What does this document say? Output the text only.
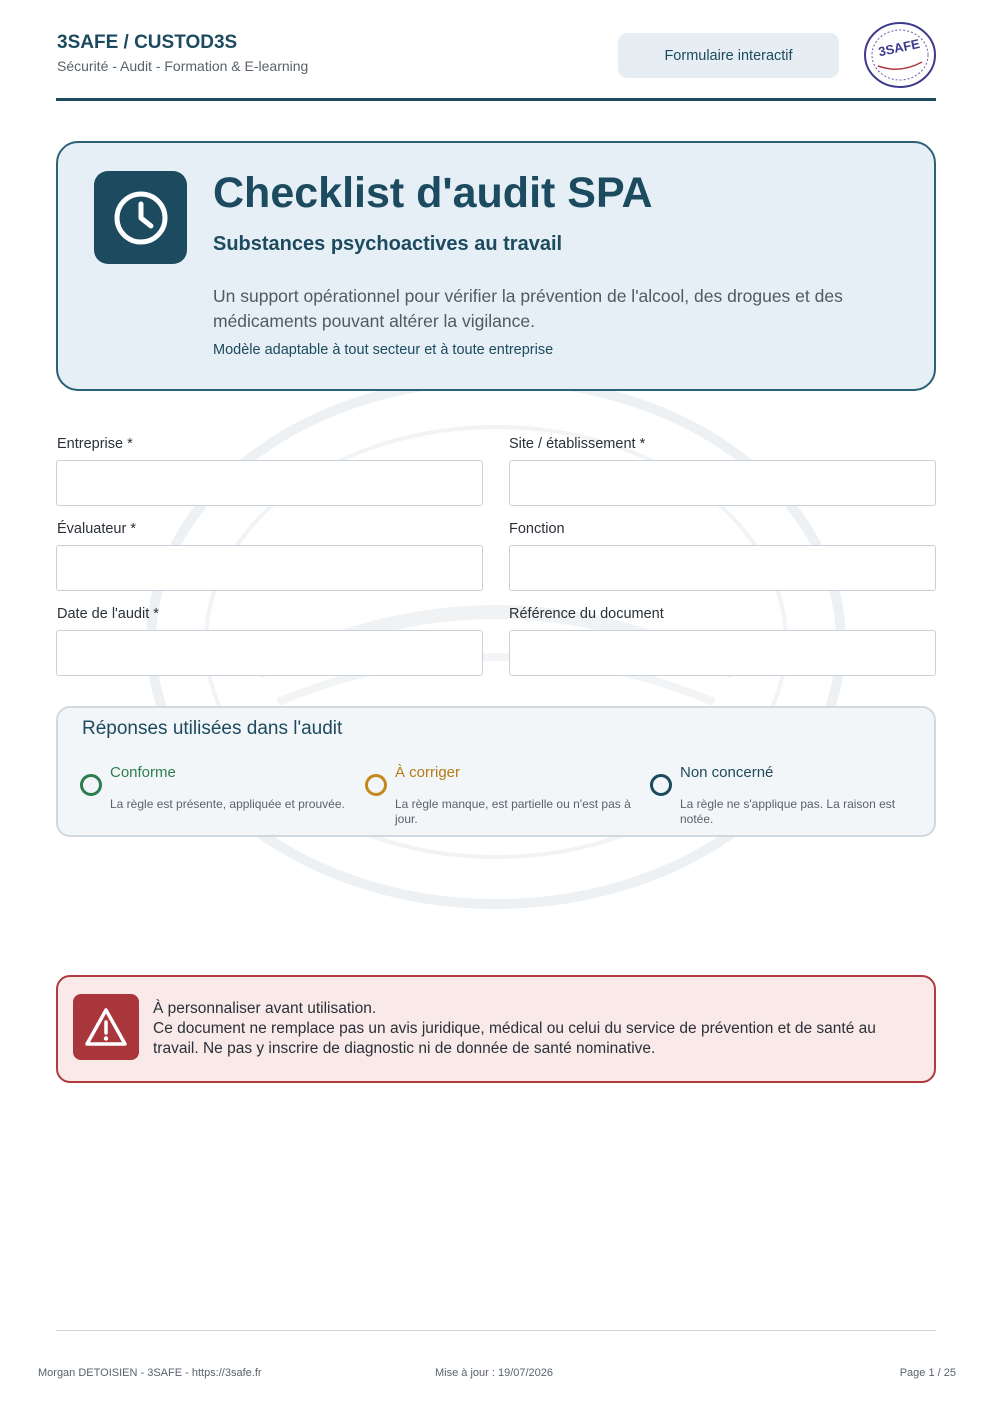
3SAFE / CUSTOD3S
Sécurité - Audit - Formation & E-learning
Formulaire interactif	3SAFE
Checklist d'audit SPA
Substances psychoactives au travail
Un support opérationnel pour vérifier la prévention de l'alcool, des drogues et des médicaments pouvant altérer la vigilance.
Modèle adaptable à tout secteur et à toute entreprise
Entreprise *	Site / établissement *
Évaluateur *	Fonction
Date de l'audit *	Référence du document
Réponses utilisées dans l'audit
Conforme
La règle est présente, appliquée et prouvée.
À corriger
La règle manque, est partielle ou n'est pas à jour.
Non concerné
La règle ne s'applique pas. La raison est notée.
À personnaliser avant utilisation.
Ce document ne remplace pas un avis juridique, médical ou celui du service de prévention et de santé au travail. Ne pas y inscrire de diagnostic ni de donnée de santé nominative.
Morgan DETOISIEN - 3SAFE - https://3safe.fr	Mise à jour : 19/07/2026	Page 1 / 25
